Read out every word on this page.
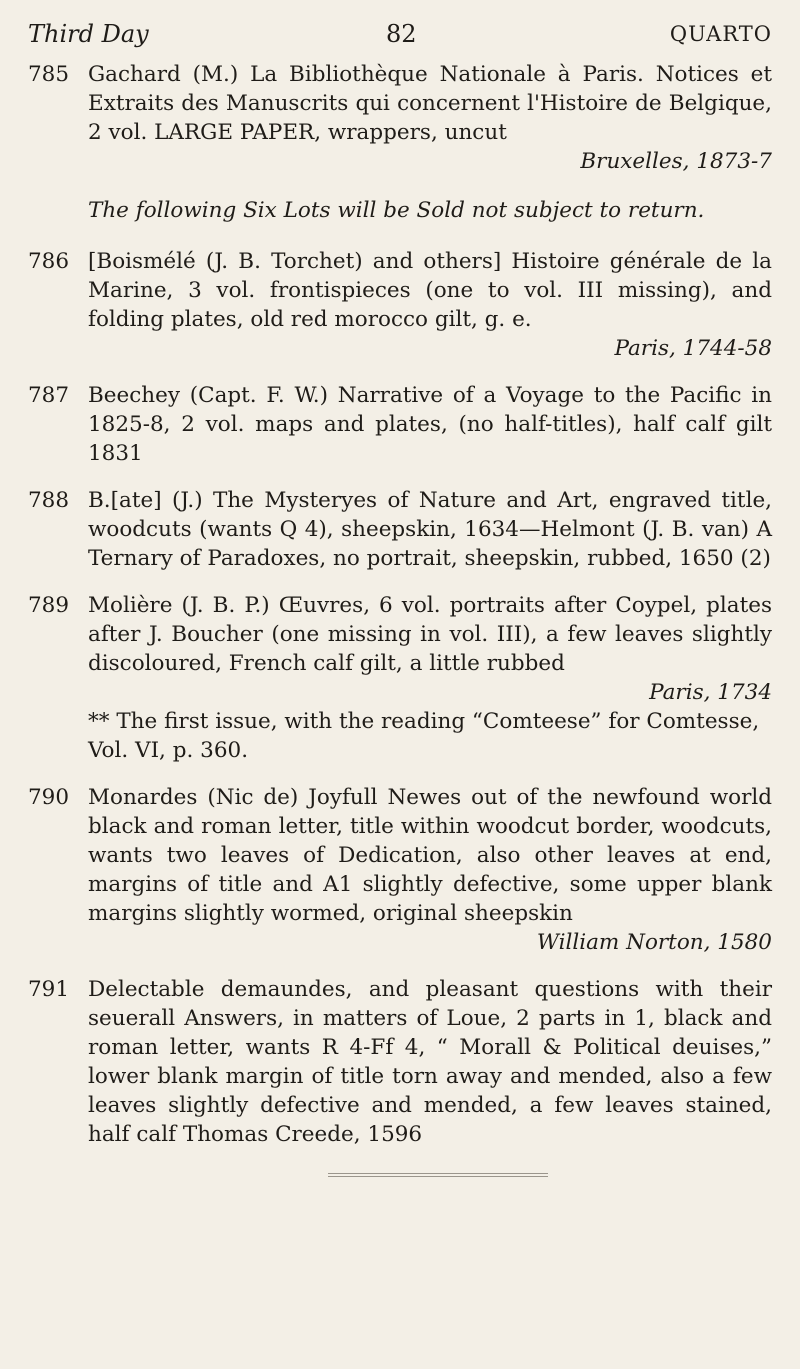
Third Day	82	QUARTO
785 Gachard (M.) La Bibliothèque Nationale à Paris. Notices et Extraits des Manuscrits qui concernent l'Histoire de Belgique, 2 vol. LARGE PAPER, wrappers, uncut
Bruxelles, 1873-7
The following Six Lots will be Sold not subject to return.
786 [Boismélé (J. B. Torchet) and others] Histoire générale de la Marine, 3 vol. frontispieces (one to vol. III missing), and folding plates, old red morocco gilt, g. e.
Paris, 1744-58
787 Beechey (Capt. F. W.) Narrative of a Voyage to the Pacific in 1825-8, 2 vol. maps and plates, (no half-titles), half calf gilt 1831
788 B.[ate] (J.) The Mysteryes of Nature and Art, engraved title, woodcuts (wants Q 4), sheepskin, 1634—Helmont (J. B. van) A Ternary of Paradoxes, no portrait, sheepskin, rubbed, 1650 (2)
789 Molière (J. B. P.) Œuvres, 6 vol. portraits after Coypel, plates after J. Boucher (one missing in vol. III), a few leaves slightly discoloured, French calf gilt, a little rubbed
Paris, 1734
** The first issue, with the reading “Comteese” for Comtesse, Vol. VI, p. 360.
790 Monardes (Nic de) Joyfull Newes out of the newfound world black and roman letter, title within woodcut border, woodcuts, wants two leaves of Dedication, also other leaves at end, margins of title and A1 slightly defective, some upper blank margins slightly wormed, original sheepskin
William Norton, 1580
791 Delectable demaundes, and pleasant questions with their seuerall Answers, in matters of Loue, 2 parts in 1, black and roman letter, wants R 4-Ff 4, “ Morall & Political deuises,” lower blank margin of title torn away and mended, also a few leaves slightly defective and mended, a few leaves stained, half calf Thomas Creede, 1596
